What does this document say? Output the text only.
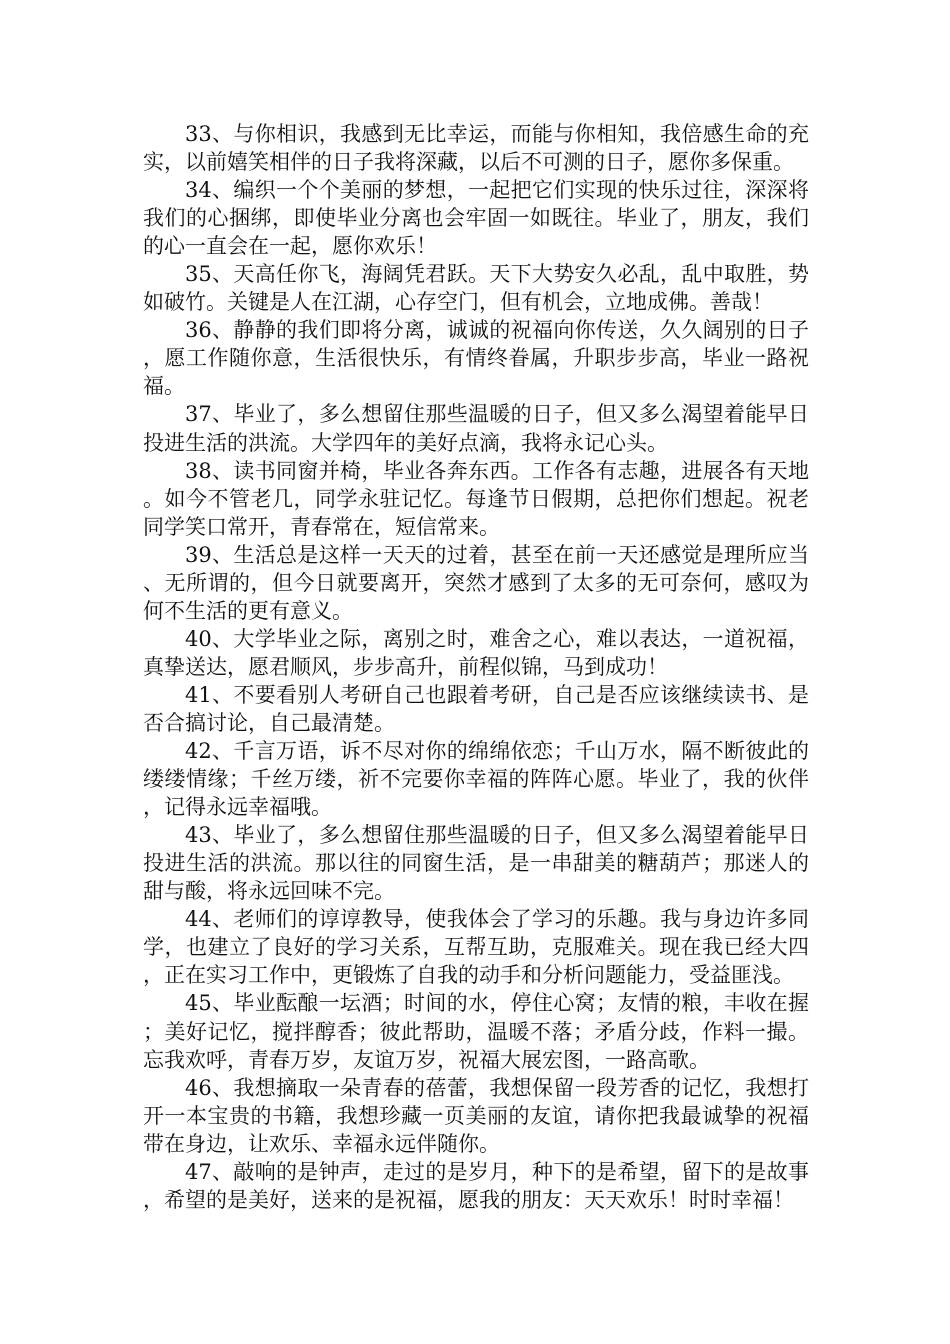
33、与你相识，我感到无比幸运，而能与你相知，我倍感生命的充实，以前嬉笑相伴的日子我将深藏，以后不可测的日子，愿你多保重。

34、编织一个个美丽的梦想，一起把它们实现的快乐过往，深深将我们的心捆绑，即使毕业分离也会牢固一如既往。毕业了，朋友，我们的心一直会在一起，愿你欢乐！

35、天高任你飞，海阔凭君跃。天下大势安久必乱，乱中取胜，势如破竹。关键是人在江湖，心存空门，但有机会，立地成佛。善哉！

36、静静的我们即将分离，诚诚的祝福向你传送，久久阔别的日子，愿工作随你意，生活很快乐，有情终眷属，升职步步高，毕业一路祝福。

37、毕业了，多么想留住那些温暖的日子，但又多么渴望着能早日投进生活的洪流。大学四年的美好点滴，我将永记心头。

38、读书同窗并椅，毕业各奔东西。工作各有志趣，进展各有天地。如今不管老几，同学永驻记忆。每逢节日假期，总把你们想起。祝老同学笑口常开，青春常在，短信常来。

39、生活总是这样一天天的过着，甚至在前一天还感觉是理所应当、无所谓的，但今日就要离开，突然才感到了太多的无可奈何，感叹为何不生活的更有意义。

40、大学毕业之际，离别之时，难舍之心，难以表达，一道祝福，真挚送达，愿君顺风，步步高升，前程似锦，马到成功！

41、不要看别人考研自己也跟着考研，自己是否应该继续读书、是否合搞讨论，自己最清楚。

42、千言万语，诉不尽对你的绵绵依恋；千山万水，隔不断彼此的缕缕情缘；千丝万缕，祈不完要你幸福的阵阵心愿。毕业了，我的伙伴，记得永远幸福哦。

43、毕业了，多么想留住那些温暖的日子，但又多么渴望着能早日投进生活的洪流。那以往的同窗生活，是一串甜美的糖葫芦；那迷人的甜与酸，将永远回味不完。

44、老师们的谆谆教导，使我体会了学习的乐趣。我与身边许多同学，也建立了良好的学习关系，互帮互助，克服难关。现在我已经大四，正在实习工作中，更锻炼了自我的动手和分析问题能力，受益匪浅。

45、毕业酝酿一坛酒；时间的水，停住心窝；友情的粮，丰收在握；美好记忆，搅拌醇香；彼此帮助，温暖不落；矛盾分歧，作料一撮。忘我欢呼，青春万岁，友谊万岁，祝福大展宏图，一路高歌。

46、我想摘取一朵青春的蓓蕾，我想保留一段芳香的记忆，我想打开一本宝贵的书籍，我想珍藏一页美丽的友谊，请你把我最诚挚的祝福带在身边，让欢乐、幸福永远伴随你。

47、敲响的是钟声，走过的是岁月，种下的是希望，留下的是故事，希望的是美好，送来的是祝福，愿我的朋友：天天欢乐！时时幸福！
